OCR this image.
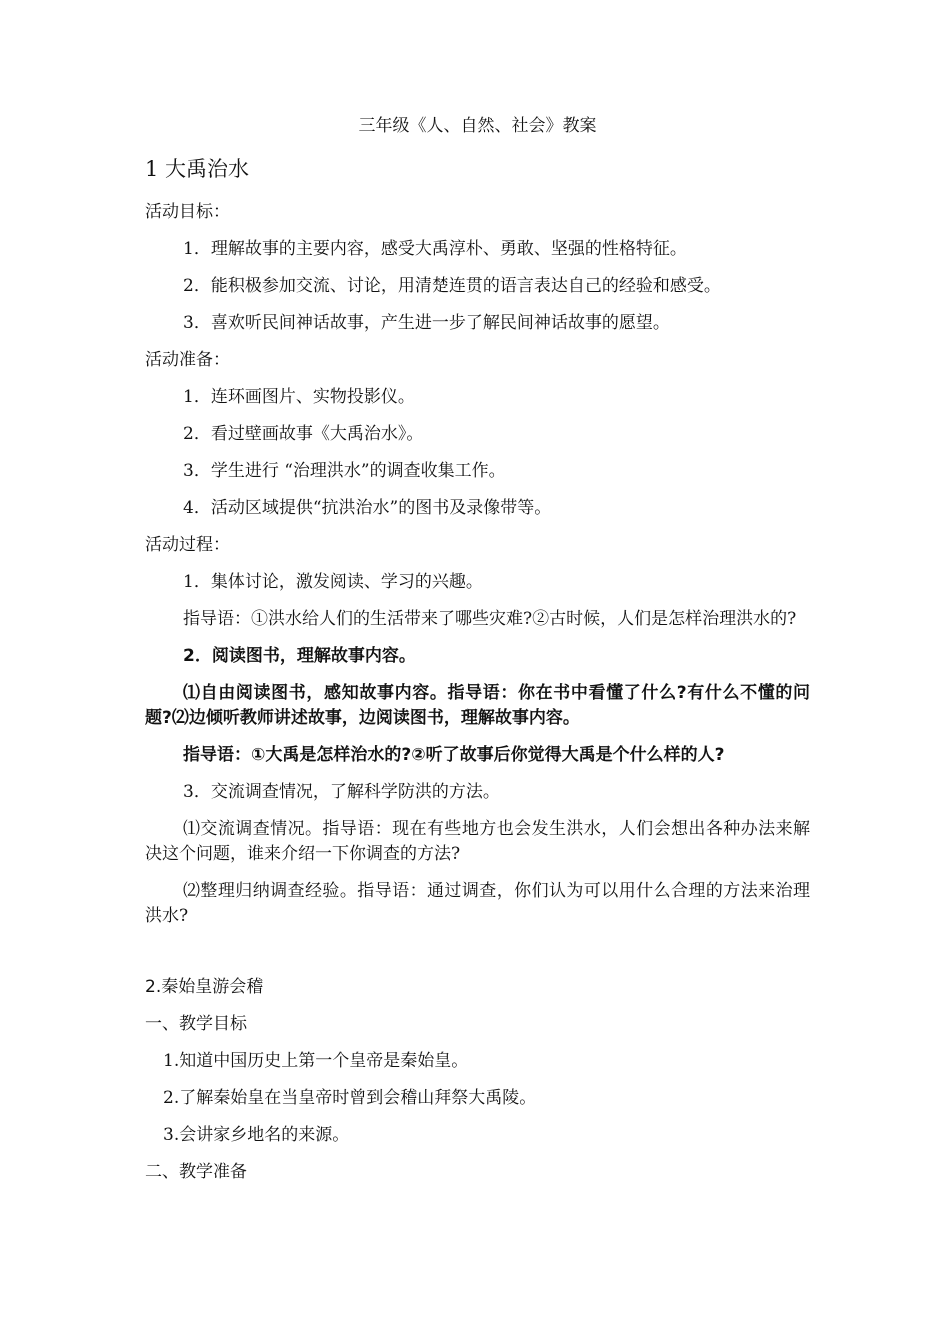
三年级《人、自然、社会》教案
1 大禹治水
活动目标：
1．理解故事的主要内容，感受大禹淳朴、勇敢、坚强的性格特征。
2．能积极参加交流、讨论，用清楚连贯的语言表达自己的经验和感受。
3．喜欢听民间神话故事，产生进一步了解民间神话故事的愿望。
活动准备：
1．连环画图片、实物投影仪。
2．看过壁画故事《大禹治水》。
3．学生进行 “治理洪水”的调查收集工作。
4．活动区域提供“抗洪治水”的图书及录像带等。
活动过程：
1．集体讨论，激发阅读、学习的兴趣。
指导语：①洪水给人们的生活带来了哪些灾难?②古时候，人们是怎样治理洪水的?
2．阅读图书，理解故事内容。
⑴自由阅读图书，感知故事内容。指导语：你在书中看懂了什么?有什么不懂的问题?⑵边倾听教师讲述故事，边阅读图书，理解故事内容。
指导语：①大禹是怎样治水的?②听了故事后你觉得大禹是个什么样的人?
3．交流调查情况，了解科学防洪的方法。
⑴交流调查情况。指导语：现在有些地方也会发生洪水，人们会想出各种办法来解决这个问题，谁来介绍一下你调查的方法?
⑵整理归纳调查经验。指导语：通过调查，你们认为可以用什么合理的方法来治理洪水?
2.秦始皇游会稽
一、教学目标
1.知道中国历史上第一个皇帝是秦始皇。
2.了解秦始皇在当皇帝时曾到会稽山拜祭大禹陵。
3.会讲家乡地名的来源。
二、教学准备
